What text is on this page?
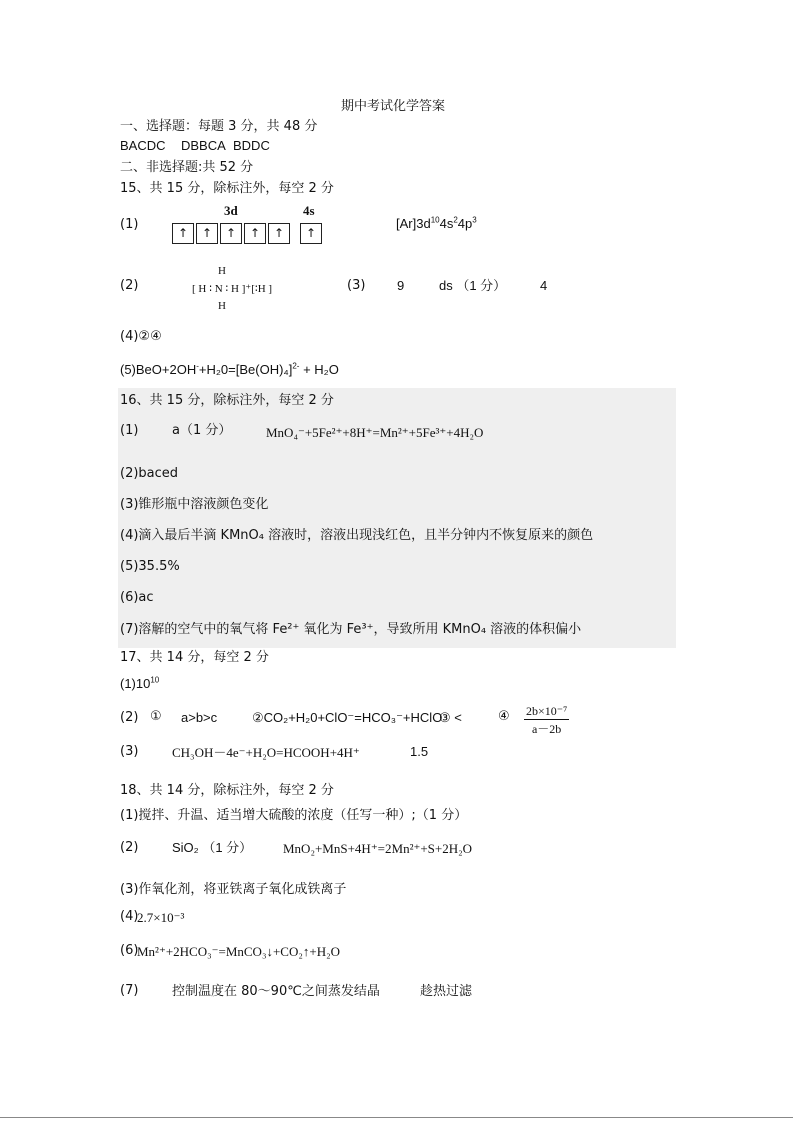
期中考试化学答案
一、选择题：每题 3 分，共 48 分
BACDC DBBCA BDDC
二、非选择题:共 52 分
15、共 15 分，除标注外，每空 2 分
(1)
3d	4s
↑	↑	↑	↑	↑	↑
$[Ar]3d^{10}4s^24p^3$
(2)
H
[ H ∶ N ∶ H ]⁺[∶H ]
H
(3) 9	ds （1 分）	4
(4)②④
$(5)BeO+2OH^-+H_20=[Be(OH)_4]^{2-} + H_2O$
16、共 15 分，除标注外，每空 2 分
(1)	a（1 分）	MnO₄⁻+5Fe²⁺+8H⁺=Mn²⁺+5Fe³⁺+4H₂O
(2)baced
(3)锥形瓶中溶液颜色变化
(4)滴入最后半滴 KMnO₄ 溶液时，溶液出现浅红色，且半分钟内不恢复原来的颜色
(5)35.5%
(6)ac
(7)溶解的空气中的氧气将 Fe²⁺ 氧化为 Fe³⁺，导致所用 KMnO₄ 溶液的体积偏小
17、共 14 分，每空 2 分
$(1)10^{10}$
(2) ① a>b>c	②CO₂+H₂0+ClO⁻=HCO₃⁻+HClO
③ <	④ $\frac{\text{2b×10⁻⁷}}{a-2b}$
(3)	CH₃OH－4e⁻+H₂O=HCOOH+4H⁺	1.5
18、共 14 分，除标注外，每空 2 分
(1)搅拌、升温、适当增大硫酸的浓度（任写一种）;（1 分）
(2)	SiO₂ （1 分） MnO₂+MnS+4H⁺=2Mn²⁺+S+2H₂O
(3)作氧化剂，将亚铁离子氧化成铁离子
(4)
2.7×10⁻³
(6)
Mn²⁺+2HCO₃⁻=MnCO₃↓+CO₂↑+H₂O
(7)	控制温度在 80～90℃之间蒸发结晶	趁热过滤
